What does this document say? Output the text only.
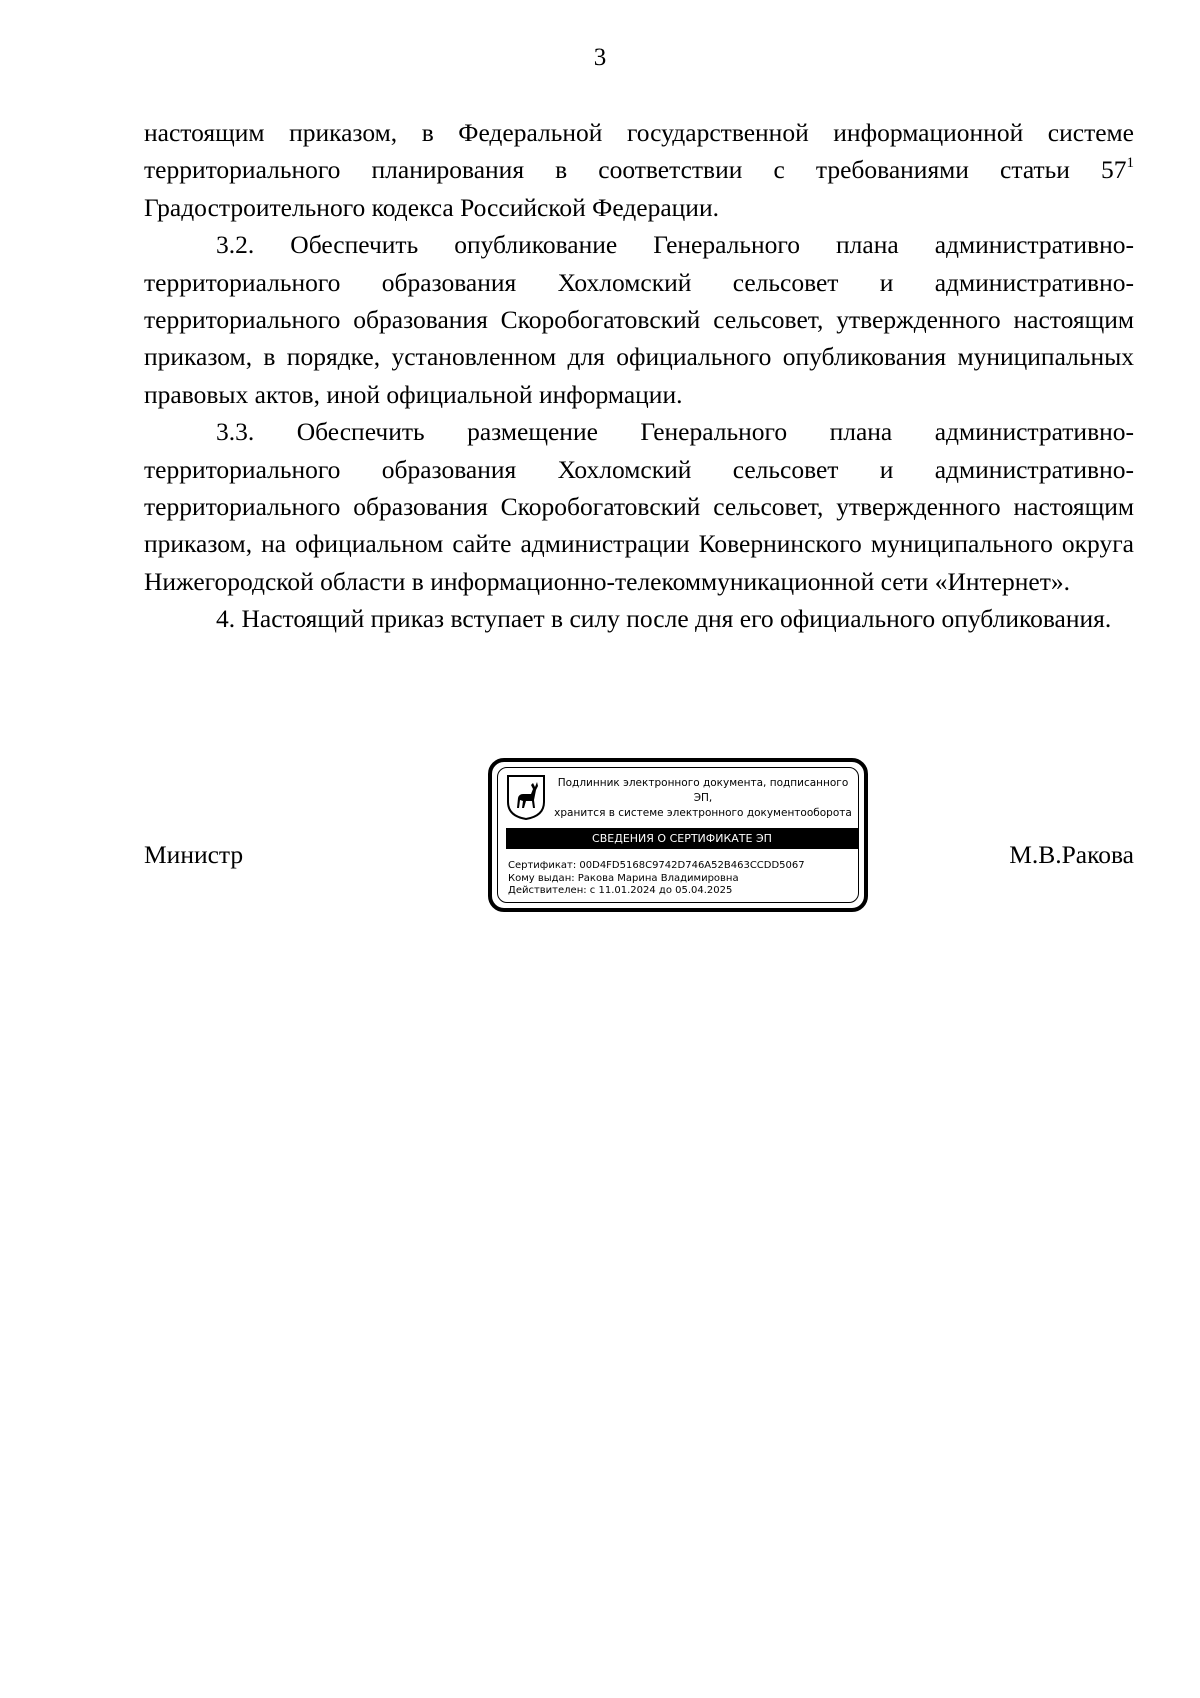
3

настоящим приказом, в Федеральной государственной информационной системе территориального планирования в соответствии с требованиями статьи $57^1$ Градостроительного кодекса Российской Федерации.

3.2. Обеспечить опубликование Генерального плана административно-территориального образования Хохломский сельсовет и административно-территориального образования Скоробогатовский сельсовет, утвержденного настоящим приказом, в порядке, установленном для официального опубликования муниципальных правовых актов, иной официальной информации.

3.3. Обеспечить размещение Генерального плана административно-территориального образования Хохломский сельсовет и административно-территориального образования Скоробогатовский сельсовет, утвержденного настоящим приказом, на официальном сайте администрации Ковернинского муниципального округа Нижегородской области в информационно-телекоммуникационной сети «Интернет».

4. Настоящий приказ вступает в силу после дня его официального опубликования.

Министр	М.В.Ракова
Подлинник электронного документа, подписанного ЭП,
хранится в системе электронного документооборота
СВЕДЕНИЯ О СЕРТИФИКАТЕ ЭП
Сертификат: 00D4FD5168C9742D746A52B463CCDD5067
Кому выдан: Ракова Марина Владимировна
Действителен: с 11.01.2024 до 05.04.2025
